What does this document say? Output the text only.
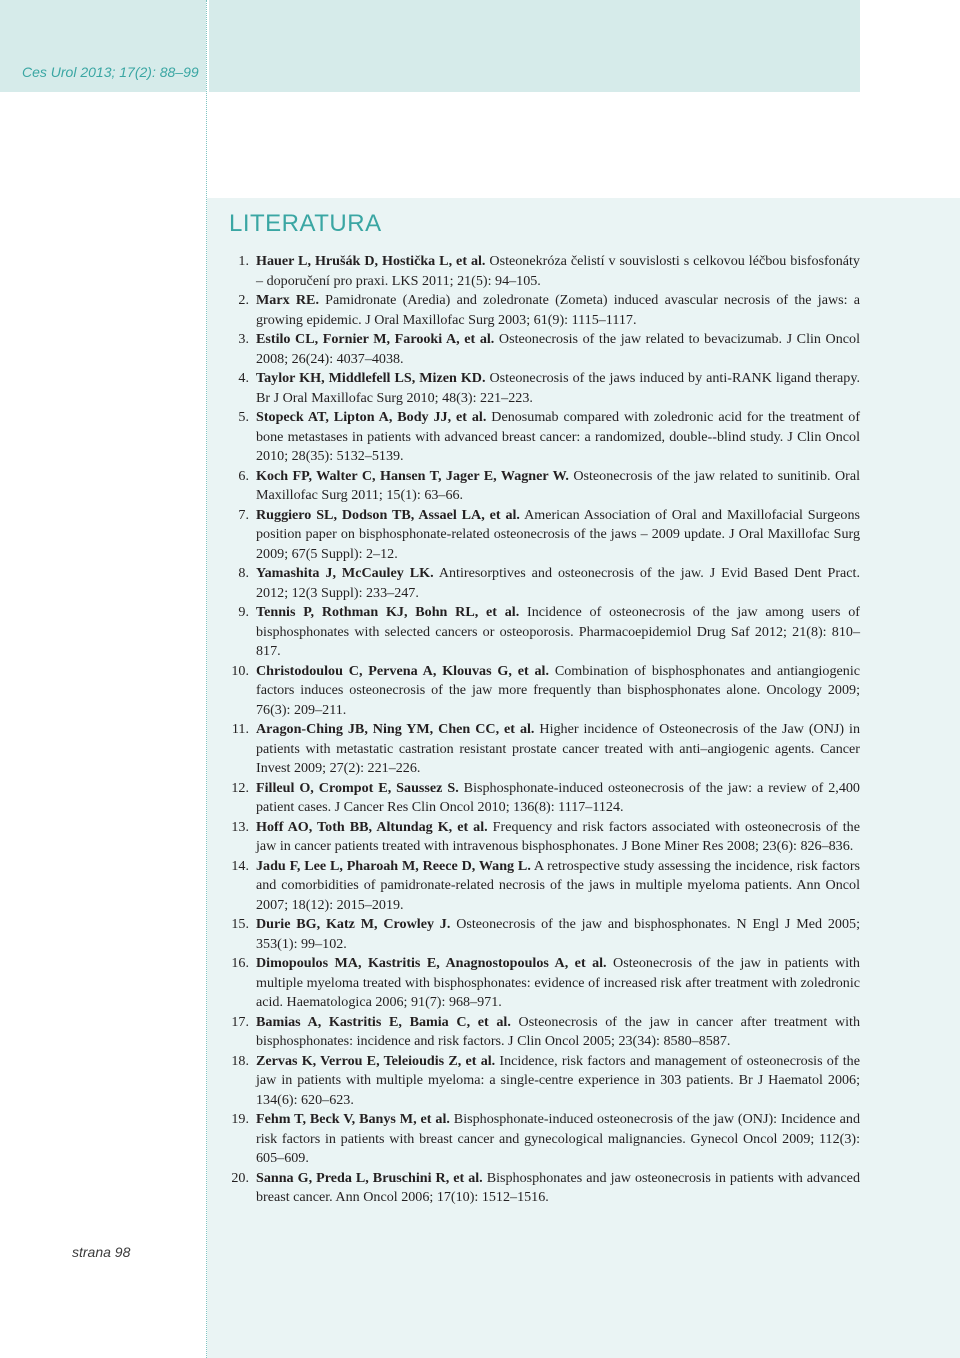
Ces Urol 2013; 17(2): 88–99
LITERATURA
1. Hauer L, Hrušák D, Hostička L, et al. Osteonekróza čelistí v souvislosti s celkovou léčbou bisfosfonáty – doporučení pro praxi. LKS 2011; 21(5): 94–105.
2. Marx RE. Pamidronate (Aredia) and zoledronate (Zometa) induced avascular necrosis of the jaws: a growing epidemic. J Oral Maxillofac Surg 2003; 61(9): 1115–1117.
3. Estilo CL, Fornier M, Farooki A, et al. Osteonecrosis of the jaw related to bevacizumab. J Clin Oncol 2008; 26(24): 4037–4038.
4. Taylor KH, Middlefell LS, Mizen KD. Osteonecrosis of the jaws induced by anti-RANK ligand therapy. Br J Oral Maxillofac Surg 2010; 48(3): 221–223.
5. Stopeck AT, Lipton A, Body JJ, et al. Denosumab compared with zoledronic acid for the treatment of bone metastases in patients with advanced breast cancer: a randomized, double--blind study. J Clin Oncol 2010; 28(35): 5132–5139.
6. Koch FP, Walter C, Hansen T, Jager E, Wagner W. Osteonecrosis of the jaw related to sunitinib. Oral Maxillofac Surg 2011; 15(1): 63–66.
7. Ruggiero SL, Dodson TB, Assael LA, et al. American Association of Oral and Maxillofacial Surgeons position paper on bisphosphonate-related osteonecrosis of the jaws – 2009 update. J Oral Maxillofac Surg 2009; 67(5 Suppl): 2–12.
8. Yamashita J, McCauley LK. Antiresorptives and osteonecrosis of the jaw. J Evid Based Dent Pract. 2012; 12(3 Suppl): 233–247.
9. Tennis P, Rothman KJ, Bohn RL, et al. Incidence of osteonecrosis of the jaw among users of bisphosphonates with selected cancers or osteoporosis. Pharmacoepidemiol Drug Saf 2012; 21(8): 810–817.
10. Christodoulou C, Pervena A, Klouvas G, et al. Combination of bisphosphonates and antiangiogenic factors induces osteonecrosis of the jaw more frequently than bisphosphonates alone. Oncology 2009; 76(3): 209–211.
11. Aragon-Ching JB, Ning YM, Chen CC, et al. Higher incidence of Osteonecrosis of the Jaw (ONJ) in patients with metastatic castration resistant prostate cancer treated with anti–angiogenic agents. Cancer Invest 2009; 27(2): 221–226.
12. Filleul O, Crompot E, Saussez S. Bisphosphonate-induced osteonecrosis of the jaw: a review of 2,400 patient cases. J Cancer Res Clin Oncol 2010; 136(8): 1117–1124.
13. Hoff AO, Toth BB, Altundag K, et al. Frequency and risk factors associated with osteonecrosis of the jaw in cancer patients treated with intravenous bisphosphonates. J Bone Miner Res 2008; 23(6): 826–836.
14. Jadu F, Lee L, Pharoah M, Reece D, Wang L. A retrospective study assessing the incidence, risk factors and comorbidities of pamidronate-related necrosis of the jaws in multiple myeloma patients. Ann Oncol 2007; 18(12): 2015–2019.
15. Durie BG, Katz M, Crowley J. Osteonecrosis of the jaw and bisphosphonates. N Engl J Med 2005; 353(1): 99–102.
16. Dimopoulos MA, Kastritis E, Anagnostopoulos A, et al. Osteonecrosis of the jaw in patients with multiple myeloma treated with bisphosphonates: evidence of increased risk after treatment with zoledronic acid. Haematologica 2006; 91(7): 968–971.
17. Bamias A, Kastritis E, Bamia C, et al. Osteonecrosis of the jaw in cancer after treatment with bisphosphonates: incidence and risk factors. J Clin Oncol 2005; 23(34): 8580–8587.
18. Zervas K, Verrou E, Teleioudis Z, et al. Incidence, risk factors and management of osteonecrosis of the jaw in patients with multiple myeloma: a single-centre experience in 303 patients. Br J Haematol 2006; 134(6): 620–623.
19. Fehm T, Beck V, Banys M, et al. Bisphosphonate-induced osteonecrosis of the jaw (ONJ): Incidence and risk factors in patients with breast cancer and gynecological malignancies. Gynecol Oncol 2009; 112(3): 605–609.
20. Sanna G, Preda L, Bruschini R, et al. Bisphosphonates and jaw osteonecrosis in patients with advanced breast cancer. Ann Oncol 2006; 17(10): 1512–1516.
strana 98
